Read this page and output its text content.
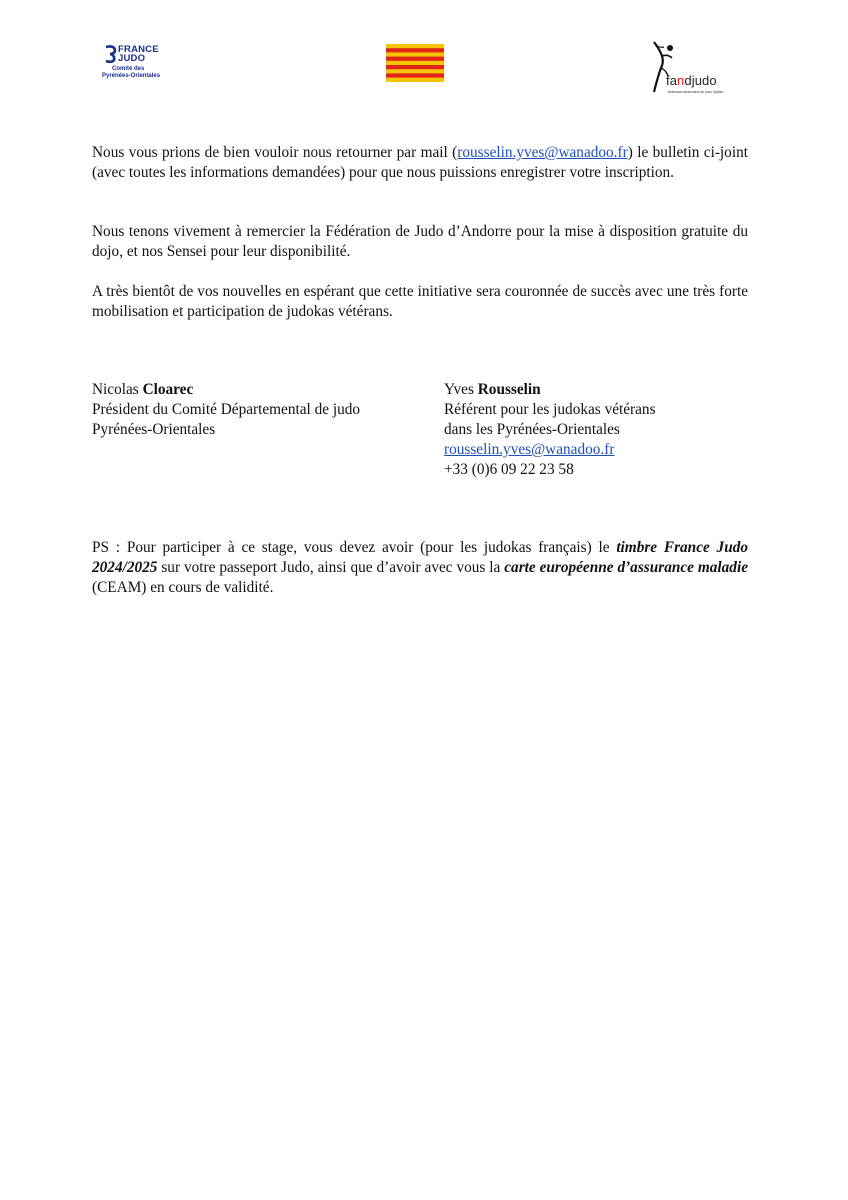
FRANCE
JUDO
Comité des
Pyrénées-Orientales	fandjudo
federació andorrana de judo i jujitsu

Nous vous prions de bien vouloir nous retourner par mail (rousselin.yves@wanadoo.fr) le bulletin ci-joint (avec toutes les informations demandées) pour que nous puissions enregistrer votre inscription.

Nous tenons vivement à remercier la Fédération de Judo d’Andorre pour la mise à disposition gratuite du dojo, et nos Sensei pour leur disponibilité.

A très bientôt de vos nouvelles en espérant que cette initiative sera couronnée de succès avec une très forte mobilisation et participation de judokas vétérans.

Nicolas Cloarec
Président du Comité Départemental de judo
Pyrénées-Orientales
Yves Rousselin
Référent pour les judokas vétérans
dans les Pyrénées-Orientales
rousselin.yves@wanadoo.fr
+33 (0)6 09 22 23 58

PS : Pour participer à ce stage, vous devez avoir (pour les judokas français) le timbre France Judo 2024/2025 sur votre passeport Judo, ainsi que d’avoir avec vous la carte européenne d’assurance maladie (CEAM) en cours de validité.
